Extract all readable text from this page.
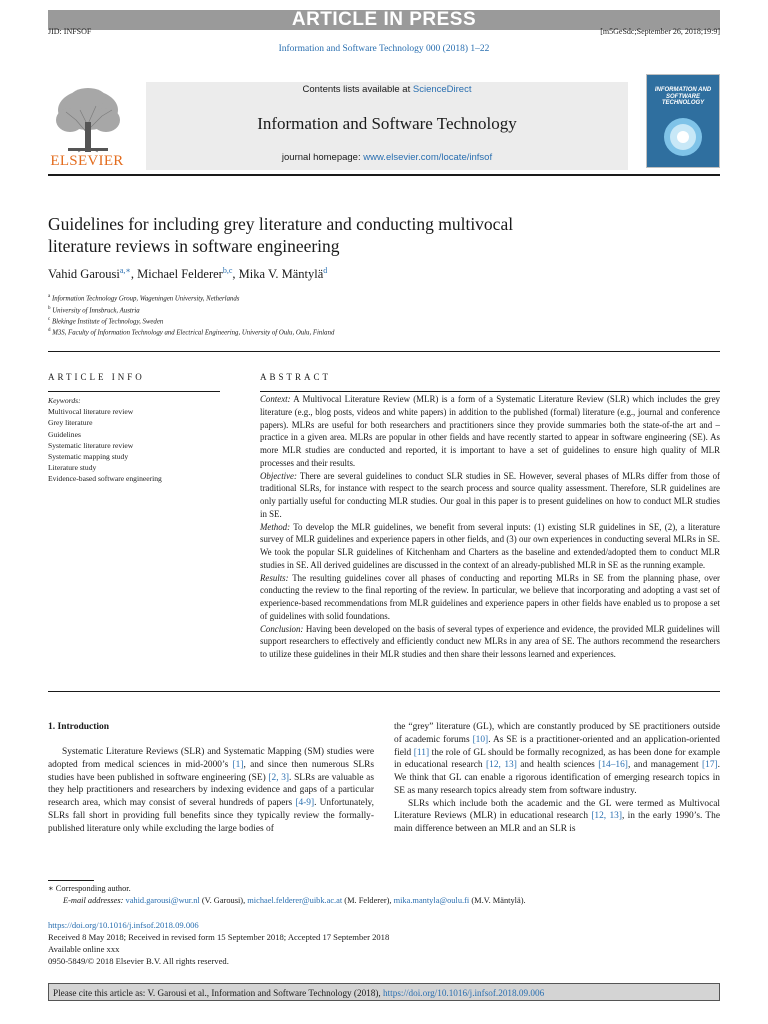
ARTICLE IN PRESS
JID: INFSOF	[m5GeSdc;September 26, 2018;19:9]
Information and Software Technology 000 (2018) 1–22
ELSEVIER
Contents lists available at ScienceDirect
Information and Software Technology
journal homepage: www.elsevier.com/locate/infsof
INFORMATION AND SOFTWARE TECHNOLOGY
Guidelines for including grey literature and conducting multivocal
literature reviews in software engineering
Vahid Garousi$^{a,∗}$, Michael Felderer$^{b,c}$, Mika V. Mäntylä$^d$
$^a$ Information Technology Group, Wageningen University, Netherlands
$^b$ University of Innsbruck, Austria
$^c$ Blekinge Institute of Technology, Sweden
$^d$ M3S, Faculty of Information Technology and Electrical Engineering, University of Oulu, Oulu, Finland
ARTICLE INFO
Keywords:
Multivocal literature review
Grey literature
Guidelines
Systematic literature review
Systematic mapping study
Literature study
Evidence-based software engineering
ABSTRACT

Context: A Multivocal Literature Review (MLR) is a form of a Systematic Literature Review (SLR) which includes the grey literature (e.g., blog posts, videos and white papers) in addition to the published (formal) literature (e.g., journal and conference papers). MLRs are useful for both researchers and practitioners since they provide summaries both the state-of-the art and –practice in a given area. MLRs are popular in other fields and have recently started to appear in software engineering (SE). As more MLR studies are conducted and reported, it is important to have a set of guidelines to ensure high quality of MLR processes and their results.

Objective: There are several guidelines to conduct SLR studies in SE. However, several phases of MLRs differ from those of traditional SLRs, for instance with respect to the search process and source quality assessment. Therefore, SLR guidelines are only partially useful for conducting MLR studies. Our goal in this paper is to present guidelines on how to conduct MLR studies in SE.

Method: To develop the MLR guidelines, we benefit from several inputs: (1) existing SLR guidelines in SE, (2), a literature survey of MLR guidelines and experience papers in other fields, and (3) our own experiences in conducting several MLRs in SE. We took the popular SLR guidelines of Kitchenham and Charters as the baseline and extended/adopted them to conduct MLR studies in SE. All derived guidelines are discussed in the context of an already-published MLR in SE as the running example.

Results: The resulting guidelines cover all phases of conducting and reporting MLRs in SE from the planning phase, over conducting the review to the final reporting of the review. In particular, we believe that incorporating and adopting a vast set of experience-based recommendations from MLR guidelines and experience papers in other fields have enabled us to propose a set of guidelines with solid foundations.

Conclusion: Having been developed on the basis of several types of experience and evidence, the provided MLR guidelines will support researchers to effectively and efficiently conduct new MLRs in any area of SE. The authors recommend the researchers to utilize these guidelines in their MLR studies and then share their lessons learned and experiences.

1. Introduction

Systematic Literature Reviews (SLR) and Systematic Mapping (SM) studies were adopted from medical sciences in mid-2000’s [1], and since then numerous SLRs studies have been published in software engineering (SE) [2, 3]. SLRs are valuable as they help practitioners and researchers by indexing evidence and gaps of a particular research area, which may consist of several hundreds of papers [4-9]. Unfortunately, SLRs fall short in providing full benefits since they typically review the formally-published literature only while excluding the large bodies of

the “grey” literature (GL), which are constantly produced by SE practitioners outside of academic forums [10]. As SE is a practitioner-oriented and an application-oriented field [11] the role of GL should be formally recognized, as has been done for example in educational research [12, 13] and health sciences [14–16], and management [17]. We think that GL can enable a rigorous identification of emerging research topics in SE as many research topics already stem from software industry.

SLRs which include both the academic and the GL were termed as Multivocal Literature Reviews (MLR) in educational research [12, 13], in the early 1990’s. The main difference between an MLR and an SLR is

∗ Corresponding author.
E-mail addresses: vahid.garousi@wur.nl (V. Garousi), michael.felderer@uibk.ac.at (M. Felderer), mika.mantyla@oulu.fi (M.V. Mäntylä).
https://doi.org/10.1016/j.infsof.2018.09.006
Received 8 May 2018; Received in revised form 15 September 2018; Accepted 17 September 2018
Available online xxx
0950-5849/© 2018 Elsevier B.V. All rights reserved.
Please cite this article as: V. Garousi et al., Information and Software Technology (2018), https://doi.org/10.1016/j.infsof.2018.09.006
